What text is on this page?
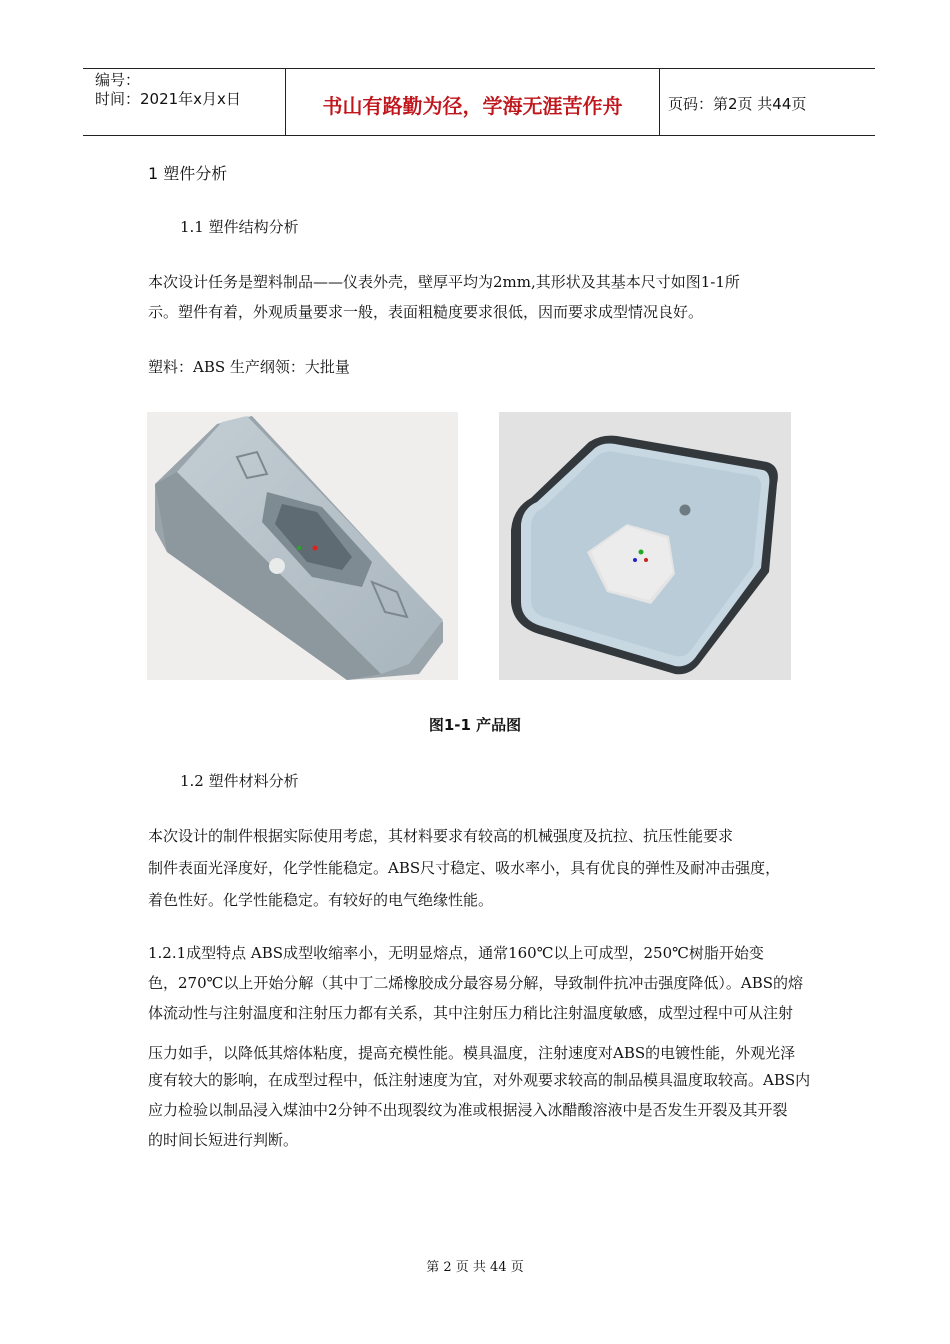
编号：
时间：2021年x月x日	书山有路勤为径，学海无涯苦作舟	页码：第2页 共44页
1 塑件分析
1.1 塑件结构分析
本次设计任务是塑料制品——仪表外壳，壁厚平均为2mm,其形状及其基本尺寸如图1-1所
示。塑件有着，外观质量要求一般，表面粗糙度要求很低，因而要求成型情况良好。
塑料：ABS 生产纲领：大批量
图1-1 产品图
1.2 塑件材料分析
本次设计的制件根据实际使用考虑，其材料要求有较高的机械强度及抗拉、抗压性能要求
制件表面光泽度好，化学性能稳定。ABS尺寸稳定、吸水率小，具有优良的弹性及耐冲击强度，
着色性好。化学性能稳定。有较好的电气绝缘性能。
1.2.1成型特点 ABS成型收缩率小，无明显熔点，通常160℃以上可成型，250℃树脂开始变
色，270℃以上开始分解（其中丁二烯橡胶成分最容易分解，导致制件抗冲击强度降低）。ABS的熔
体流动性与注射温度和注射压力都有关系，其中注射压力稍比注射温度敏感，成型过程中可从注射
压力如手，以降低其熔体粘度，提高充模性能。模具温度，注射速度对ABS的电镀性能，外观光泽
度有较大的影响，在成型过程中，低注射速度为宜，对外观要求较高的制品模具温度取较高。ABS内
应力检验以制品浸入煤油中2分钟不出现裂纹为准或根据浸入冰醋酸溶液中是否发生开裂及其开裂
的时间长短进行判断。
第 2 页 共 44 页
